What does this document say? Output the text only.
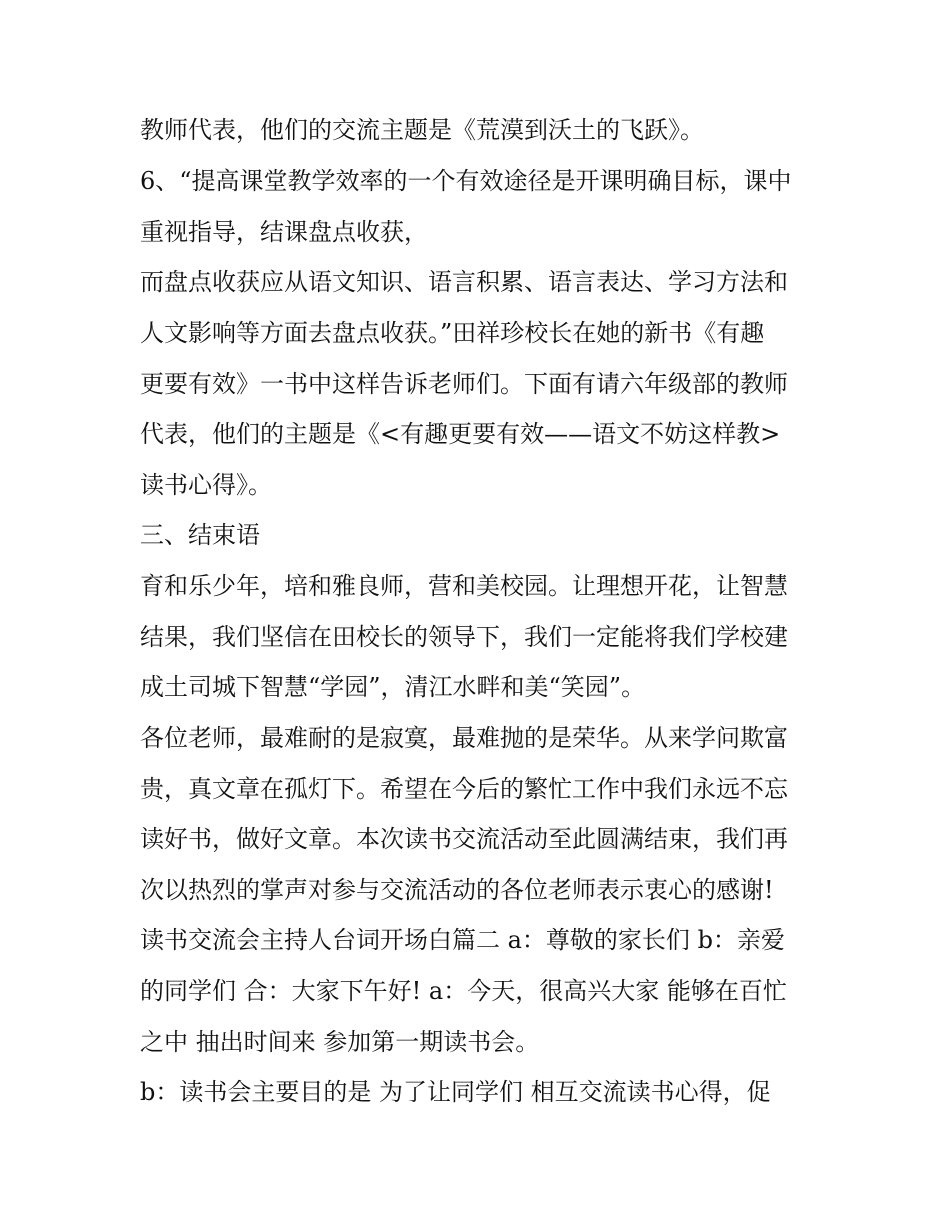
教师代表，他们的交流主题是《荒漠到沃土的飞跃》。
6、“提高课堂教学效率的一个有效途径是开课明确目标，课中
重视指导，结课盘点收获，
而盘点收获应从语文知识、语言积累、语言表达、学习方法和
人文影响等方面去盘点收获。”田祥珍校长在她的新书《有趣
更要有效》一书中这样告诉老师们。下面有请六年级部的教师
代表，他们的主题是《<有趣更要有效——语文不妨这样教>
读书心得》。
三、结束语
育和乐少年，培和雅良师，营和美校园。让理想开花，让智慧
结果，我们坚信在田校长的领导下，我们一定能将我们学校建
成土司城下智慧“学园”，清江水畔和美“笑园”。
各位老师，最难耐的是寂寞，最难抛的是荣华。从来学问欺富
贵，真文章在孤灯下。希望在今后的繁忙工作中我们永远不忘
读好书，做好文章。本次读书交流活动至此圆满结束，我们再
次以热烈的掌声对参与交流活动的各位老师表示衷心的感谢!
读书交流会主持人台词开场白篇二 a：尊敬的家长们 b：亲爱
的同学们 合：大家下午好! a：今天，很高兴大家 能够在百忙
之中 抽出时间来 参加第一期读书会。
b：读书会主要目的是 为了让同学们 相互交流读书心得，促
